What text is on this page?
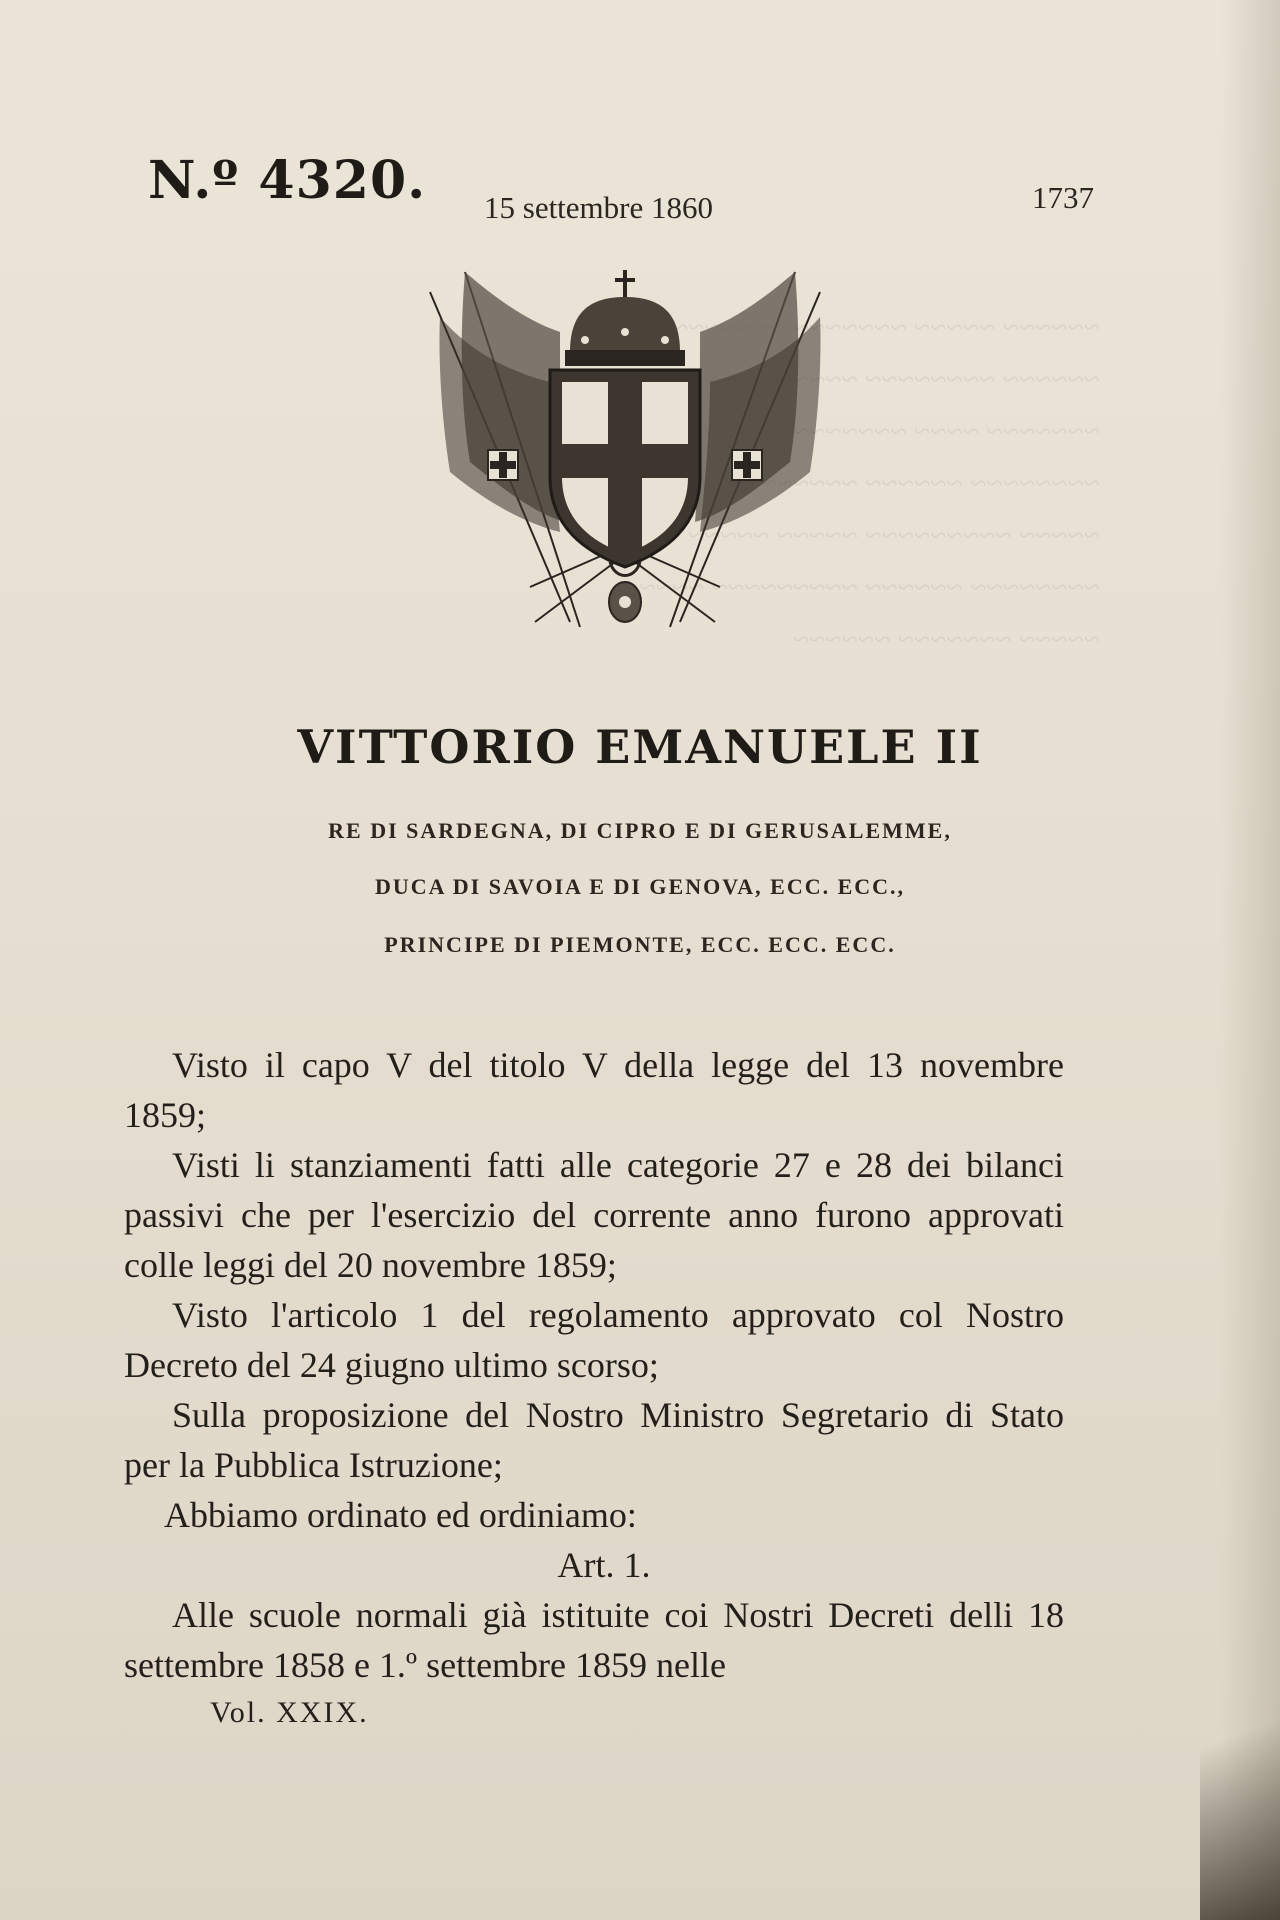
~~~~~~ ~~~~~ ~~~~~~~
~~~~~~ ~~~~~~~~
~~~~~~~ ~~~~ ~~~~~~~~
~~~~~~~~ ~~~~~~
~~~~~ ~~~~~~~~~ ~~~~~ ~~~~~
~~~~~~~~ ~~~~~~ ~~~~~~~~~ ~~~~
~~~~~ ~~~~~~~ ~~~~~~

N.º 4320. 15 settembre 1860	1737
VITTORIO EMANUELE II
RE DI SARDEGNA, DI CIPRO E DI GERUSALEMME,
DUCA DI SAVOIA E DI GENOVA, ECC. ECC.,
PRINCIPE DI PIEMONTE, ECC. ECC. ECC.

Visto il capo V del titolo V della legge del 13 novembre 1859;

Visti li stanziamenti fatti alle categorie 27 e 28 dei bilanci passivi che per l'esercizio del corrente anno furono approvati colle leggi del 20 novembre 1859;

Visto l'articolo 1 del regolamento approvato col Nostro Decreto del 24 giugno ultimo scorso;

Sulla proposizione del Nostro Ministro Segretario di Stato per la Pubblica Istruzione;

Abbiamo ordinato ed ordiniamo:

Art. 1.

Alle scuole normali già istituite coi Nostri Decreti delli 18 settembre 1858 e 1.º settembre 1859 nelle

Vol. XXIX.
